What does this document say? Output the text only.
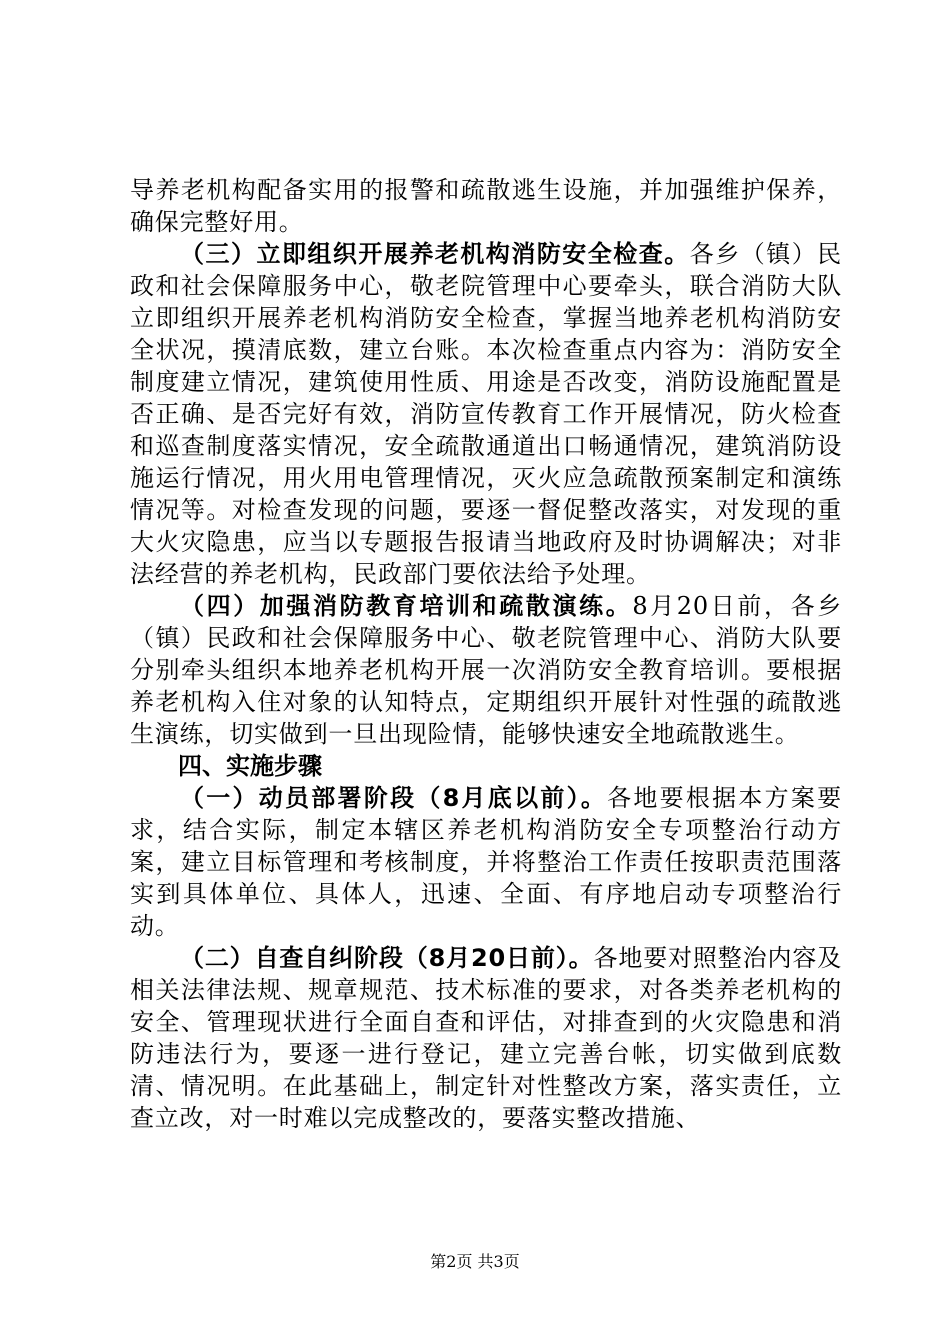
导养老机构配备实用的报警和疏散逃生设施，并加强维护保养，确保完整好用。

（三）立即组织开展养老机构消防安全检查。各乡（镇）民政和社会保障服务中心，敬老院管理中心要牵头，联合消防大队立即组织开展养老机构消防安全检查，掌握当地养老机构消防安全状况，摸清底数，建立台账。本次检查重点内容为：消防安全制度建立情况，建筑使用性质、用途是否改变，消防设施配置是否正确、是否完好有效，消防宣传教育工作开展情况，防火检查和巡查制度落实情况，安全疏散通道出口畅通情况，建筑消防设施运行情况，用火用电管理情况，灭火应急疏散预案制定和演练情况等。对检查发现的问题，要逐一督促整改落实，对发现的重大火灾隐患，应当以专题报告报请当地政府及时协调解决；对非法经营的养老机构，民政部门要依法给予处理。

（四）加强消防教育培训和疏散演练。8月20日前，各乡（镇）民政和社会保障服务中心、敬老院管理中心、消防大队要分别牵头组织本地养老机构开展一次消防安全教育培训。要根据养老机构入住对象的认知特点，定期组织开展针对性强的疏散逃生演练，切实做到一旦出现险情，能够快速安全地疏散逃生。

四、实施步骤

（一）动员部署阶段（8月底以前）。各地要根据本方案要求，结合实际，制定本辖区养老机构消防安全专项整治行动方案，建立目标管理和考核制度，并将整治工作责任按职责范围落实到具体单位、具体人，迅速、全面、有序地启动专项整治行动。

（二）自查自纠阶段（8月20日前）。各地要对照整治内容及相关法律法规、规章规范、技术标准的要求，对各类养老机构的安全、管理现状进行全面自查和评估，对排查到的火灾隐患和消防违法行为，要逐一进行登记，建立完善台帐，切实做到底数清、情况明。在此基础上，制定针对性整改方案，落实责任，立查立改，对一时难以完成整改的，要落实整改措施、

第2页 共3页
